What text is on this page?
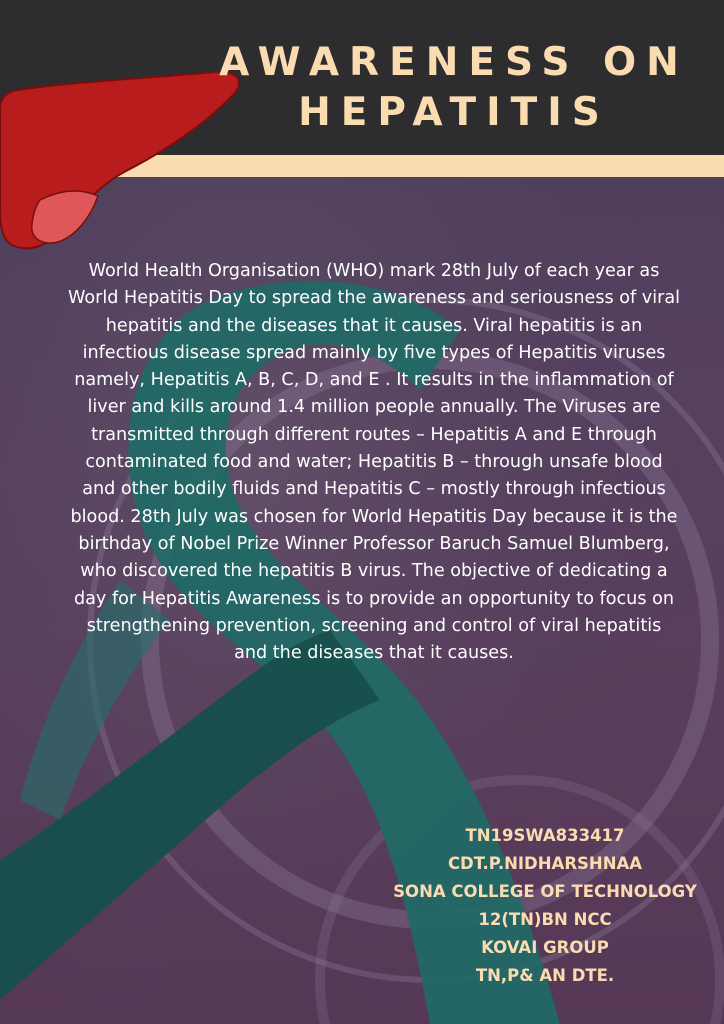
AWARENESS ON
HEPATITIS

World Health Organisation (WHO) mark 28th July of each year as World Hepatitis Day to spread the awareness and seriousness of viral hepatitis and the diseases that it causes. Viral hepatitis is an infectious disease spread mainly by five types of Hepatitis viruses namely, Hepatitis A, B, C, D, and E . It results in the inflammation of liver and kills around 1.4 million people annually. The Viruses are transmitted through different routes – Hepatitis A and E through contaminated food and water; Hepatitis B – through unsafe blood and other bodily fluids and Hepatitis C – mostly through infectious blood. 28th July was chosen for World Hepatitis Day because it is the birthday of Nobel Prize Winner Professor Baruch Samuel Blumberg, who discovered the hepatitis B virus. The objective of dedicating a day for Hepatitis Awareness is to provide an opportunity to focus on strengthening prevention, screening and control of viral hepatitis and the diseases that it causes.

TN19SWA833417
CDT.P.NIDHARSHNAA
SONA COLLEGE OF TECHNOLOGY
12(TN)BN NCC
KOVAI GROUP
TN,P& AN DTE.
